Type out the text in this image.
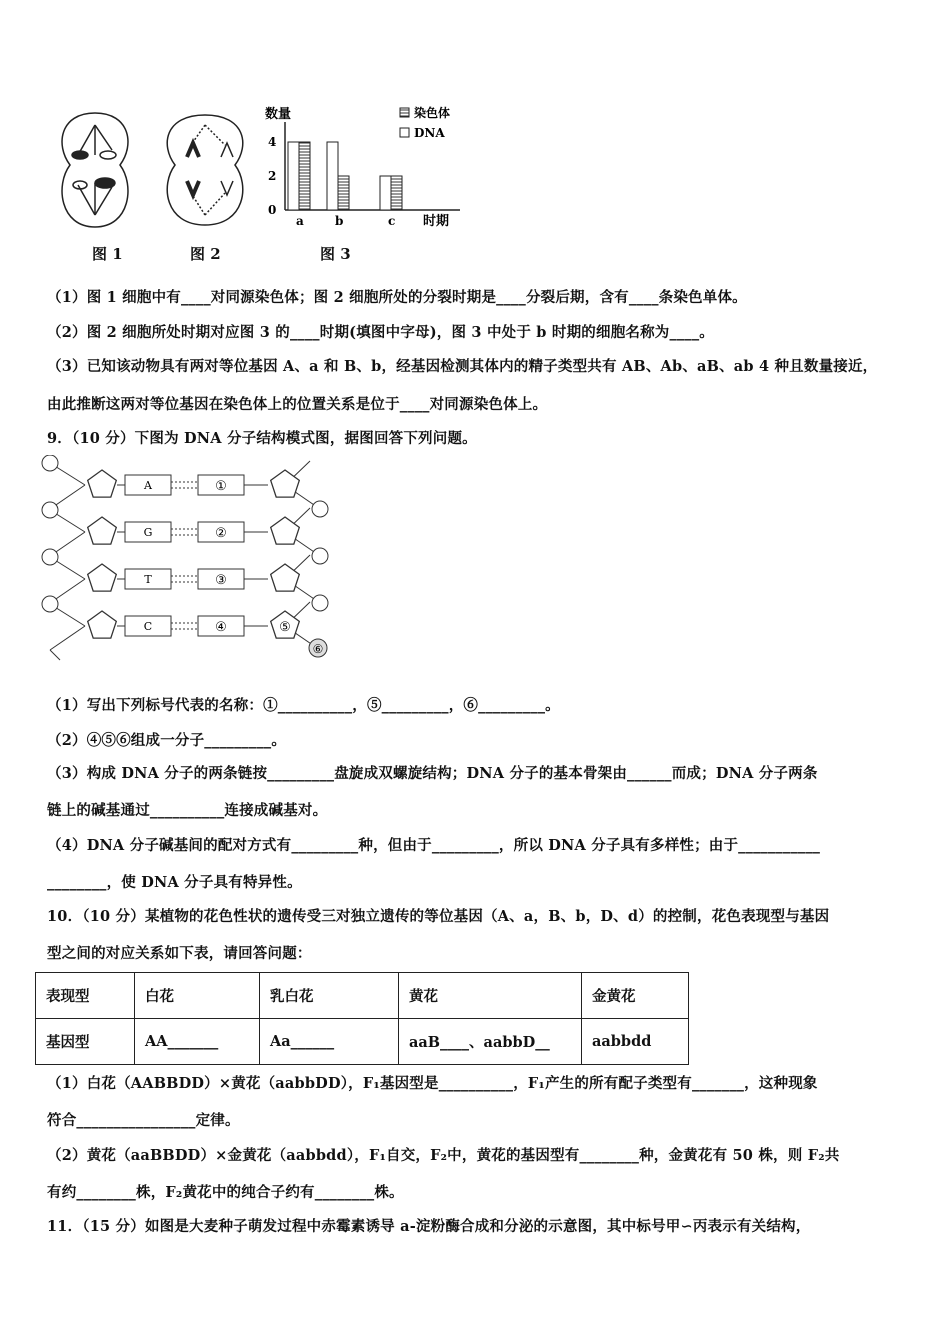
图 1	图 2
数量
时期
a	b	c
染色体
DNA
0
2
4
图 3
（1）图 1 细胞中有____对同源染色体；图 2 细胞所处的分裂时期是____分裂后期，含有____条染色单体。
（2）图 2 细胞所处时期对应图 3 的____时期(填图中字母)，图 3 中处于 b 时期的细胞名称为____。
（3）已知该动物具有两对等位基因 A、a 和 B、b，经基因检测其体内的精子类型共有 AB、Ab、aB、ab 4 种且数量接近，
由此推断这两对等位基因在染色体上的位置关系是位于____对同源染色体上。
9．（10 分）下图为 DNA 分子结构模式图，据图回答下列问题。
A	①
G	②
T	③
C	④	⑤
⑥
（1）写出下列标号代表的名称：①__________，⑤_________，⑥_________。
（2）④⑤⑥组成一分子_________。
（3）构成 DNA 分子的两条链按_________盘旋成双螺旋结构；DNA 分子的基本骨架由______而成；DNA 分子两条
链上的碱基通过__________连接成碱基对。
（4）DNA 分子碱基间的配对方式有_________种，但由于_________，所以 DNA 分子具有多样性；由于___________
________，使 DNA 分子具有特异性。
10．（10 分）某植物的花色性状的遗传受三对独立遗传的等位基因（A、a，B、b，D、d）的控制，花色表现型与基因
型之间的对应关系如下表，请回答问题：
表现型	白花	乳白花	黄花	金黄花
基因型	AA_______	Aa______	aaB____、aabbD__	aabbdd
（1）白花（AABBDD）×黄花（aabbDD），F₁基因型是__________，F₁产生的所有配子类型有_______，这种现象
符合________________定律。
（2）黄花（aaBBDD）×金黄花（aabbdd），F₁自交，F₂中，黄花的基因型有________种，金黄花有 50 株，则 F₂共
有约________株，F₂黄花中的纯合子约有________株。
11．（15 分）如图是大麦种子萌发过程中赤霉素诱导 a-淀粉酶合成和分泌的示意图，其中标号甲∽丙表示有关结构，
